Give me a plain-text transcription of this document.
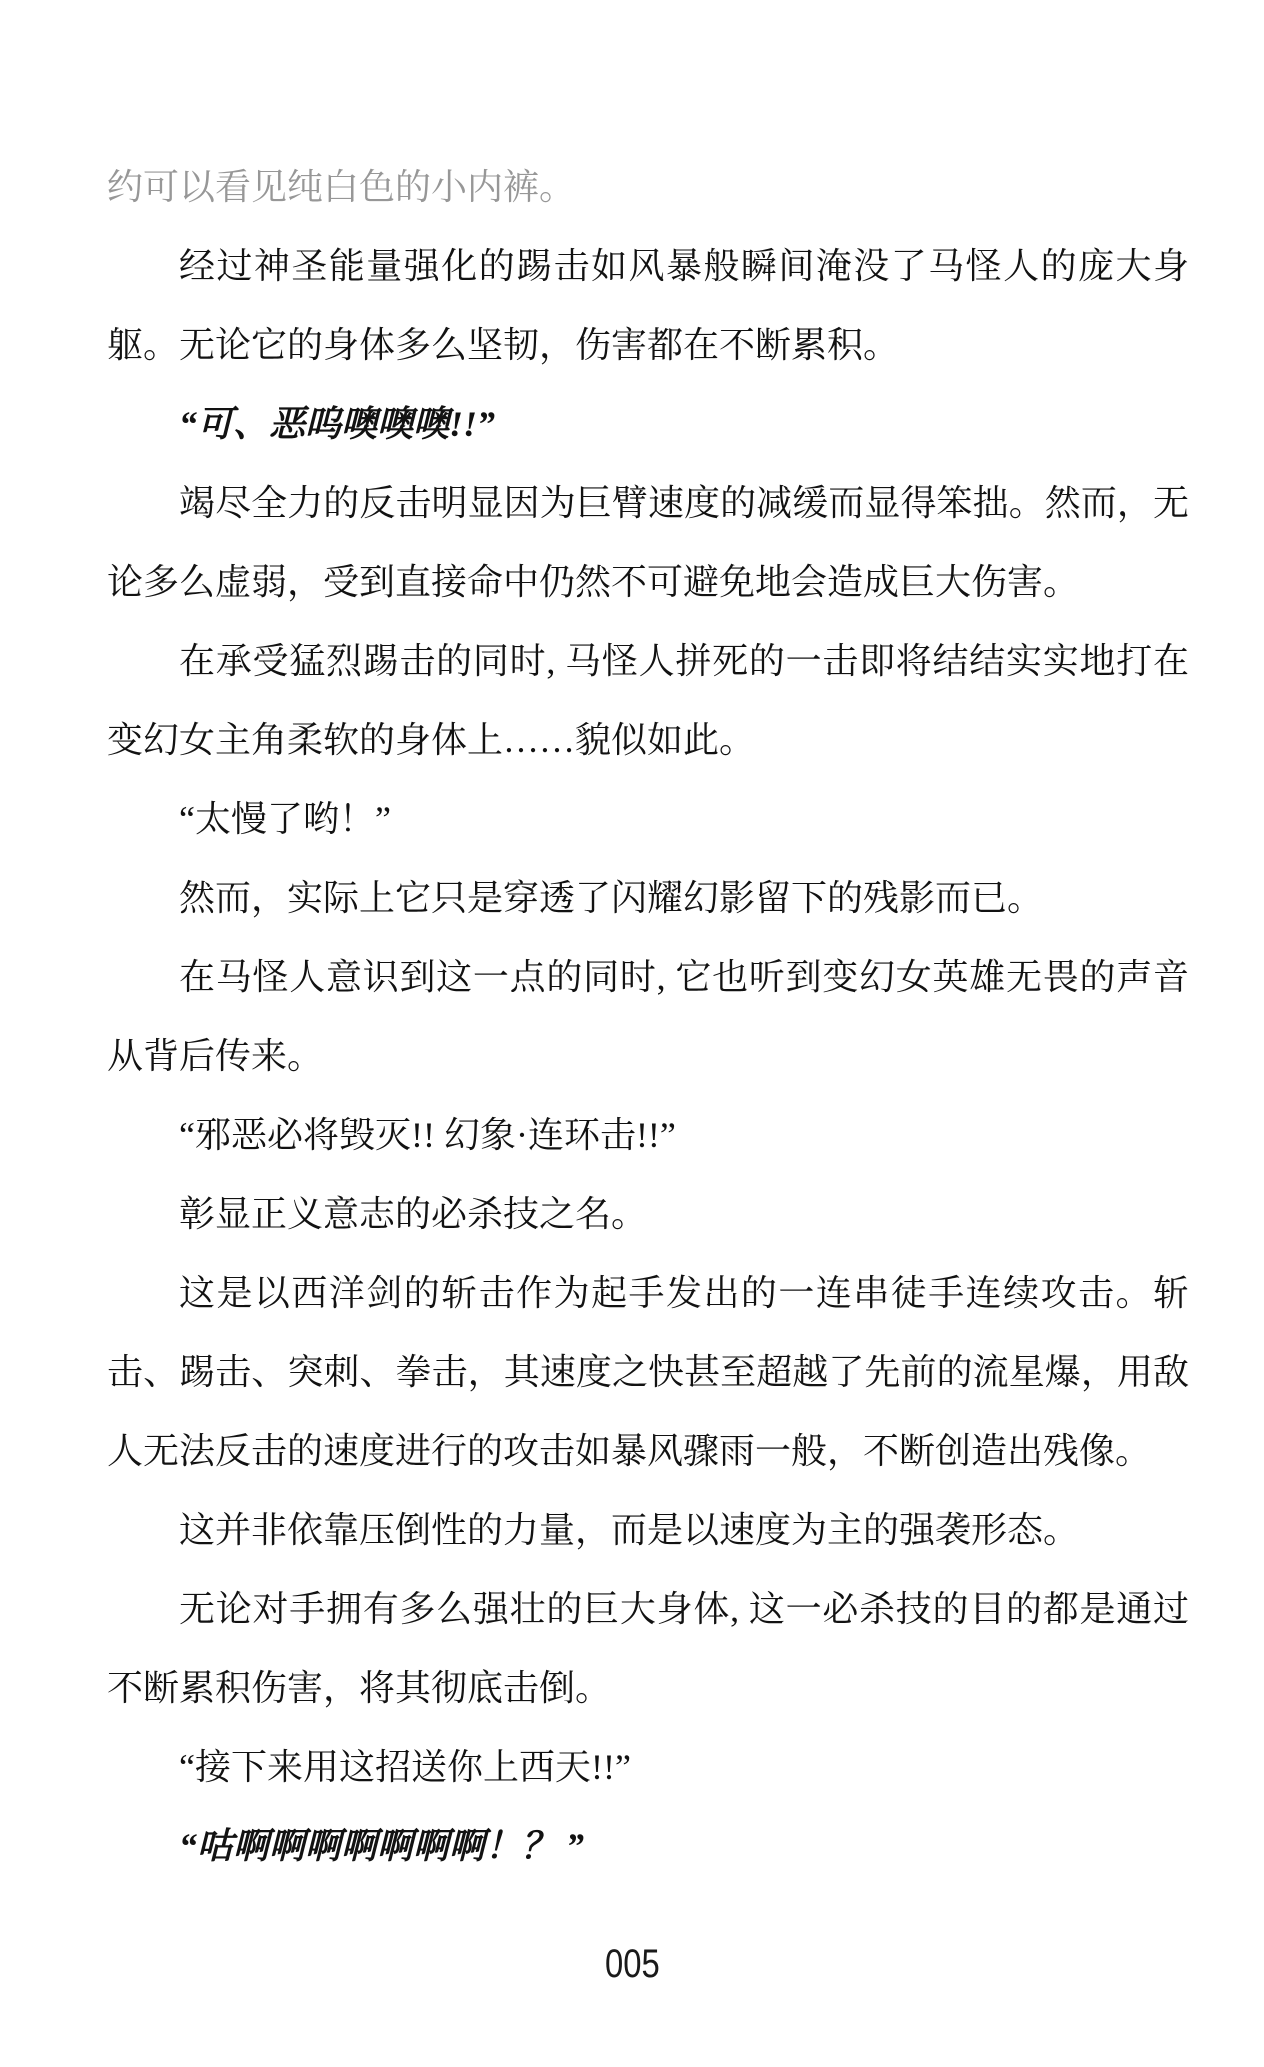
约可以看见纯白色的小内裤。

经过神圣能量强化的踢击如风暴般瞬间淹没了马怪人的庞大身躯。无论它的身体多么坚韧，伤害都在不断累积。

“可、恶呜噢噢噢!!”

竭尽全力的反击明显因为巨臂速度的减缓而显得笨拙。然而，无论多么虚弱，受到直接命中仍然不可避免地会造成巨大伤害。

在承受猛烈踢击的同时, 马怪人拼死的一击即将结结实实地打在变幻女主角柔软的身体上……貌似如此。

“太慢了哟！”

然而，实际上它只是穿透了闪耀幻影留下的残影而已。

在马怪人意识到这一点的同时, 它也听到变幻女英雄无畏的声音从背后传来。

“邪恶必将毁灭!! 幻象·连环击!!”

彰显正义意志的必杀技之名。

这是以西洋剑的斩击作为起手发出的一连串徒手连续攻击。斩击、踢击、突刺、拳击，其速度之快甚至超越了先前的流星爆，用敌人无法反击的速度进行的攻击如暴风骤雨一般，不断创造出残像。

这并非依靠压倒性的力量，而是以速度为主的强袭形态。

无论对手拥有多么强壮的巨大身体, 这一必杀技的目的都是通过不断累积伤害，将其彻底击倒。

“接下来用这招送你上西天!!”

“咕啊啊啊啊啊啊啊！？ ”

005
